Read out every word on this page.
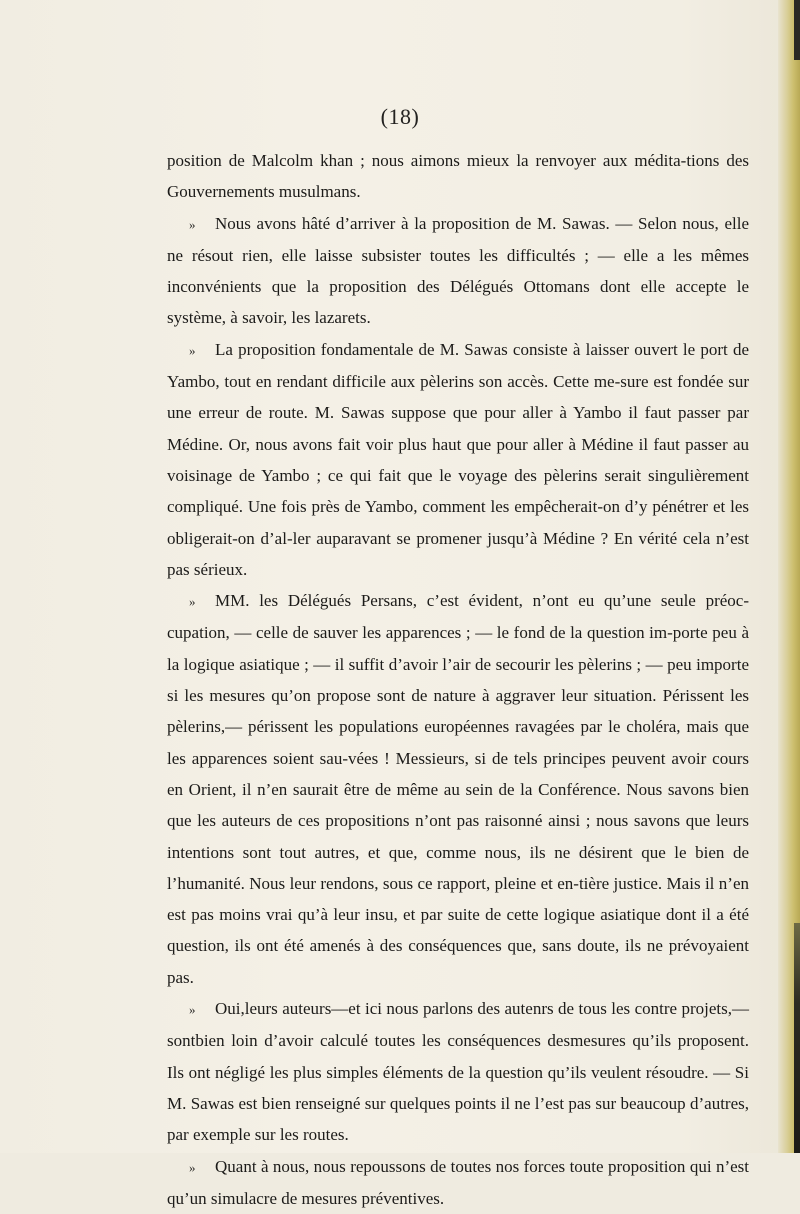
(18)

position de Malcolm khan ; nous aimons mieux la renvoyer aux médita-tions des Gouvernements musulmans.

» Nous avons hâté d’arriver à la proposition de M. Sawas. — Selon nous, elle ne résout rien, elle laisse subsister toutes les difficultés ; — elle a les mêmes inconvénients que la proposition des Délégués Ottomans dont elle accepte le système, à savoir, les lazarets.

» La proposition fondamentale de M. Sawas consiste à laisser ouvert le port de Yambo, tout en rendant difficile aux pèlerins son accès. Cette me-sure est fondée sur une erreur de route. M. Sawas suppose que pour aller à Yambo il faut passer par Médine. Or, nous avons fait voir plus haut que pour aller à Médine il faut passer au voisinage de Yambo ; ce qui fait que le voyage des pèlerins serait singulièrement compliqué. Une fois près de Yambo, comment les empêcherait-on d’y pénétrer et les obligerait-on d’al-ler auparavant se promener jusqu’à Médine ? En vérité cela n’est pas sérieux.

» MM. les Délégués Persans, c’est évident, n’ont eu qu’une seule préoc-cupation, — celle de sauver les apparences ; — le fond de la question im-porte peu à la logique asiatique ; — il suffit d’avoir l’air de secourir les pèlerins ; — peu importe si les mesures qu’on propose sont de nature à aggraver leur situation. Périssent les pèlerins,— périssent les populations européennes ravagées par le choléra, mais que les apparences soient sau-vées ! Messieurs, si de tels principes peuvent avoir cours en Orient, il n’en saurait être de même au sein de la Conférence. Nous savons bien que les auteurs de ces propositions n’ont pas raisonné ainsi ; nous savons que leurs intentions sont tout autres, et que, comme nous, ils ne désirent que le bien de l’humanité. Nous leur rendons, sous ce rapport, pleine et en-tière justice. Mais il n’en est pas moins vrai qu’à leur insu, et par suite de cette logique asiatique dont il a été question, ils ont été amenés à des conséquences que, sans doute, ils ne prévoyaient pas.

» Oui,leurs auteurs—et ici nous parlons des autenrs de tous les contre projets,— sontbien loin d’avoir calculé toutes les conséquences desmesures qu’ils proposent. Ils ont négligé les plus simples éléments de la question qu’ils veulent résoudre. — Si M. Sawas est bien renseigné sur quelques points il ne l’est pas sur beaucoup d’autres, par exemple sur les routes.

» Quant à nous, nous repoussons de toutes nos forces toute proposition qui n’est qu’un simulacre de mesures préventives.
